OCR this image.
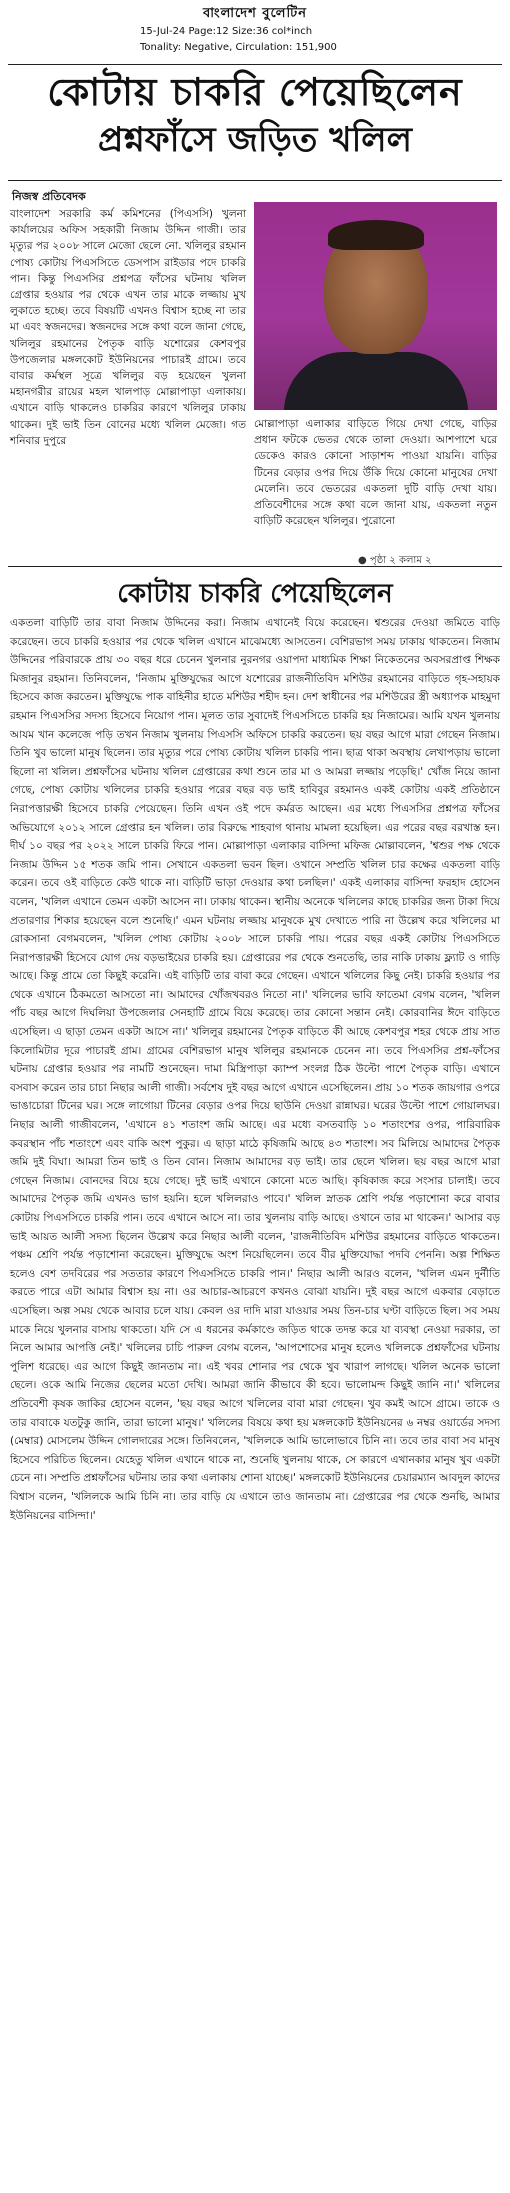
বাংলাদেশ বুলেটিন
15-Jul-24 Page:12 Size:36 col*inch
Tonality: Negative, Circulation: 151,900
কোটায় চাকরি পেয়েছিলেন
প্রশ্নফাঁসে জড়িত খলিল
নিজস্ব প্রতিবেদক
বাংলাদেশ সরকারি কর্ম কমিশনের (পিএসসি) খুলনা কার্যালয়ের অফিস সহকারী নিজাম উদ্দিন গাজী। তার মৃত্যুর পর ২০০৮ সালে মেজো ছেলে নো. খলিলুর রহমান পোষ্য কোটায় পিএসসিতে ডেসপাস রাইডার পদে চাকরি পান। কিন্তু পিএসসির প্রশ্নপত্র ফাঁসের ঘটনায় খলিল গ্রেপ্তার হওয়ার পর থেকে এখন তার মাকে লজ্জায় মুখ লুকাতে হচ্ছে। তবে বিষয়টি এখনও বিশ্বাস হচ্ছে না তার মা এবং স্বজনদের। স্বজনদের সঙ্গে কথা বলে জানা গেছে, খলিলুর রহমানের পৈতৃক বাড়ি যশোরের কেশবপুর উপজেলার মঙ্গলকোট ইউনিয়নের পাচারই গ্রামে। তবে বাবার কর্মস্থল সূত্রে খলিলুর বড় হয়েছেন খুলনা মহানগরীর রায়ের মহল খালপাড় মোল্লাপাড়া এলাকায়। এখানে বাড়ি থাকলেও চাকরির কারণে খলিলুর ঢাকায় থাকেন। দুই ভাই তিন বোনের মধ্যে খলিল মেজো। গত শনিবার দুপুরে
মোল্লাপাড়া এলাকার বাড়িতে গিয়ে দেখা গেছে, বাড়ির প্রধান ফটকে ভেতর থেকে তালা দেওয়া। আশপাশে ঘরে ডেকেও কারও কোনো সাড়াশব্দ পাওয়া যায়নি। বাড়ির টিনের বেড়ার ওপর দিয়ে উঁকি দিয়ে কোনো মানুষের দেখা মেলেনি। তবে ভেতরের একতলা দুটি বাড়ি দেখা যায়। প্রতিবেশীদের সঙ্গে কথা বলে জানা যায়, একতলা নতুন বাড়িটি করেছেন খলিলুর। পুরোনো
● পৃষ্ঠা ২ কলাম ২
কোটায় চাকরি পেয়েছিলেন
একতলা বাড়িটি তার বাবা নিজাম উদ্দিনের করা। নিজাম এখানেই বিয়ে করেছেন। শ্বশুরের দেওয়া জমিতে বাড়ি করেছেন। তবে চাকরি হওয়ার পর থেকে খলিল এখানে মাঝেমধ্যে আসতেন। বেশিরভাগ সময় ঢাকায় থাকতেন। নিজাম উদ্দিনের পরিবারকে প্রায় ৩০ বছর ধরে চেনেন খুলনার নুরনগর ওয়াপদা মাধ্যমিক শিক্ষা নিকেতনের অবসরপ্রাপ্ত শিক্ষক মিজানুর রহমান। তিনিবলেন, 'নিজাম মুক্তিযুদ্ধের আগে যশোরের রাজনীতিবিদ মশিউর রহমানের বাড়িতে গৃহ-সহায়ক হিসেবে কাজ করতেন। মুক্তিযুদ্ধে পাক বাহিনীর হাতে মশিউর শহীদ হন। দেশ স্বাধীনের পর মশিউরের স্ত্রী অধ্যাপক মাহমুদা রহমান পিএসসির সদস্য হিসেবে নিয়োগ পান। মূলত তার সুবাদেই পিএসসিতে চাকরি হয় নিজামের। আমি যখন খুলনায় আযম খান কলেজে পড়ি তখন নিজাম খুলনায় পিএসসি অফিসে চাকরি করতেন। ছয় বছর আগে মারা গেছেন নিজাম। তিনি খুব ভালো মানুষ ছিলেন। তার মৃত্যুর পরে পোষ্য কোটায় খলিল চাকরি পান। ছাত্র থাকা অবস্থায় লেখাপড়ায় ভালো ছিলো না খলিল। প্রশ্নফাঁসের ঘটনায় খলিল গ্রেপ্তারের কথা শুনে তার মা ও আমরা লজ্জায় পড়েছি।' খোঁজ নিয়ে জানা গেছে, পোষ্য কোটায় খলিলের চাকরি হওয়ার পরের বছর বড় ভাই হাবিবুর রহমানও একই কোটায় একই প্রতিষ্ঠানে নিরাপত্তারক্ষী হিসেবে চাকরি পেয়েছেন। তিনি এখন ওই পদে কর্মরত আছেন। এর মধ্যে পিএসসির প্রশ্নপত্র ফাঁসের অভিযোগে ২০১২ সালে গ্রেপ্তার হন খলিল। তার বিরুদ্ধে শাহবাগ থানায় মামলা হয়েছিল। এর পরের বছর বরখাস্ত হন। দীর্ঘ ১০ বছর পর ২০২২ সালে চাকরি ফিরে পান। মোল্লাপাড়া এলাকার বাসিন্দা মফিজ মোল্লাবলেন, 'শ্বশুর পক্ষ থেকে নিজাম উদ্দিন ১৫ শতক জমি পান। সেখানে একতলা ভবন ছিল। ওখানে সম্প্রতি খলিল চার কক্ষের একতলা বাড়ি করেন। তবে ওই বাড়িতে কেউ থাকে না। বাড়িটি ভাড়া দেওয়ার কথা চলছিল।' একই এলাকার বাসিন্দা ফরহাদ হোসেন বলেন, 'খলিল এখানে তেমন একটা আসেন না। ঢাকায় থাকেন। স্থানীয় অনেকে খলিলের কাছে চাকরির জন্য টাকা দিয়ে প্রতারণার শিকার হয়েছেন বলে শুনেছি।' এমন ঘটনায় লজ্জায় মানুষকে মুখ দেখাতে পারি না উল্লেখ করে খলিলের মা রোকসানা বেগমবলেন, 'খলিল পোষ্য কোটায় ২০০৮ সালে চাকরি পায়। পরের বছর একই কোটায় পিএসসিতে নিরাপত্তারক্ষী হিসেবে যোগ দেয় বড়ভাইয়ের চাকরি হয়। গ্রেপ্তারের পর থেকে শুনতেছি, তার নাকি ঢাকায় ফ্ল্যাট ও গাড়ি আছে। কিন্তু প্রামে তো কিছুই করেনি। এই বাড়িটি তার বাবা করে গেছেন। এখানে খলিলের কিছু নেই। চাকরি হওয়ার পর থেকে এখানে ঠিকমতো আসতো না। আমাদের খোঁজখবরও নিতো না।' খলিলের ভাবি ফাতেমা বেগম বলেন, 'খলিল পাঁচ বছর আগে দিঘলিয়া উপজেলার সেনহাটি গ্রামে বিয়ে করেছে। তার কোনো সন্তান নেই। কোরবানির ঈদে বাড়িতে এসেছিল। এ ছাড়া তেমন একটা আসে না।' খলিলুর রহমানের পৈতৃক বাড়িতে কী আছে কেশবপুর শহর থেকে প্রায় সাত কিলোমিটার দূরে পাচারই গ্রাম। গ্রামের বেশিরভাগ মানুষ খলিলুর রহমানকে চেনেন না। তবে পিএসসির প্রশ্ন-ফাঁসের ঘটনায় গ্রেপ্তার হওয়ার পর নামটি শুনেছেন। দামা মিস্ত্রিপাড়া ক্যাম্প সংলগ্ন ঠিক উল্টো পাশে পৈতৃক বাড়ি। এখানে বসবাস করেন তার চাচা নিছার আলী গাজী। সর্বশেষ দুই বছর আগে এখানে এসেছিলেন। প্রায় ১০ শতক জায়গার ওপরে ভাঙাচোরা টিনের ঘর। সঙ্গে লাগোয়া টিনের বেড়ার ওপর দিয়ে ছাউনি দেওয়া রান্নাঘর। ঘরের উল্টো পাশে গোয়ালঘর। নিছার আলী গাজীবলেন, 'এখানে ৪১ শতাংশ জমি আছে। এর মধ্যে বসতবাড়ি ১০ শতাংশের ওপর, পারিবারিক কবরস্থান পাঁচ শতাংশে এবং বাকি অংশ পুকুর। এ ছাড়া মাঠে কৃষিজমি আছে ৪৩ শতাংশ। সব মিলিয়ে আমাদের পৈতৃক জমি দুই বিঘা। আমরা তিন ভাই ও তিন বোন। নিজাম আমাদের বড় ভাই। তার ছেলে খলিল। ছয় বছর আগে মারা গেছেন নিজাম। বোনদের বিয়ে হয়ে গেছে। দুই ভাই এখানে কোনো মতে আছি। কৃষিকাজ করে সংসার চালাই। তবে আমাদের পৈতৃক জমি এখনও ভাগ হয়নি। হলে খলিলরাও পাবে।' খলিল স্নাতক শ্রেণি পর্যন্ত পড়াশোনা করে বাবার কোটায় পিএসসিতে চাকরি পান। তবে এখানে আসে না। তার খুলনায় বাড়ি আছে। ওখানে তার মা থাকেন।' আসার বড় ভাই আয়ত আলী সদস্য ছিলেন উল্লেখ করে নিছার আলী বলেন, 'রাজনীতিবিদ মশিউর রহমানের বাড়িতে থাকতেন। পঞ্চম শ্রেণি পর্যন্ত পড়াশোনা করেছেন। মুক্তিযুদ্ধে অংশ নিয়েছিলেন। তবে বীর মুক্তিযোদ্ধা পদবি পেননি। অল্প শিক্ষিত হলেও বেশ তদবিরের পর সততার কারণে পিএসসিতে চাকরি পান।' নিছার আলী আরও বলেন, 'খলিল এমন দুর্নীতি করতে পারে এটা আমার বিশ্বাস হয় না। ওর আচার-আচরণে কখনও বোঝা যায়নি। দুই বছর আগে একবার বেড়াতে এসেছিল। অল্প সময় থেকে আবার চলে যায়। কেবল ওর দাদি মারা যাওয়ার সময় তিন-চার ঘণ্টা বাড়িতে ছিল। সব সময় মাকে নিয়ে খুলনার বাসায় থাকতো। যদি সে এ ধরনের কর্মকাণ্ডে জড়িত থাকে তদন্ত করে যা ব্যবস্থা নেওয়া দরকার, তা নিলে আমার আপত্তি নেই।' খলিলের চাচি পারুল বেগম বলেন, 'আপশোসের মানুষ হলেও খলিলকে প্রশ্নফাঁসের ঘটনায় পুলিশ ধরেছে। এর আগে কিছুই জানতাম না। এই খবর শোনার পর থেকে খুব খারাপ লাগছে। খলিল অনেক ভালো ছেলে। ওকে আমি নিজের ছেলের মতো দেখি। আমরা জানি কীভাবে কী হবে। ভালোমন্দ কিছুই জানি না।' খলিলের প্রতিবেশী কৃষক জাকির হোসেন বলেন, 'ছয় বছর আগে খলিলের বাবা মারা গেছেন। খুব কমই আসে গ্রামে। তাকে ও তার বাবাকে যতটুকু জানি, তারা ভালো মানুষ।' খলিলের বিষয়ে কথা হয় মঙ্গলকোট ইউনিয়নের ৬ নম্বর ওয়ার্ডের সদস্য (মেম্বার) মোসলেম উদ্দিন গোলদারের সঙ্গে। তিনিবলেন, 'খলিলকে আমি ভালোভাবে চিনি না। তবে তার বাবা সব মানুষ হিসেবে পরিচিত ছিলেন। যেহেতু খলিল এখানে থাকে না, শুনেছি খুলনায় থাকে, সে কারণে এখানকার মানুষ খুব একটা চেনে না। সম্প্রতি প্রশ্নফাঁসের ঘটনায় তার কথা এলাকায় শোনা যাচ্ছে।' মঙ্গলকোট ইউনিয়নের চেয়ারম্যান আবদুল কাদের বিশ্বাস বলেন, 'খলিলকে আমি চিনি না। তার বাড়ি যে এখানে তাও জানতাম না। গ্রেপ্তারের পর থেকে শুনছি, আমার ইউনিয়নের বাসিন্দা।'
